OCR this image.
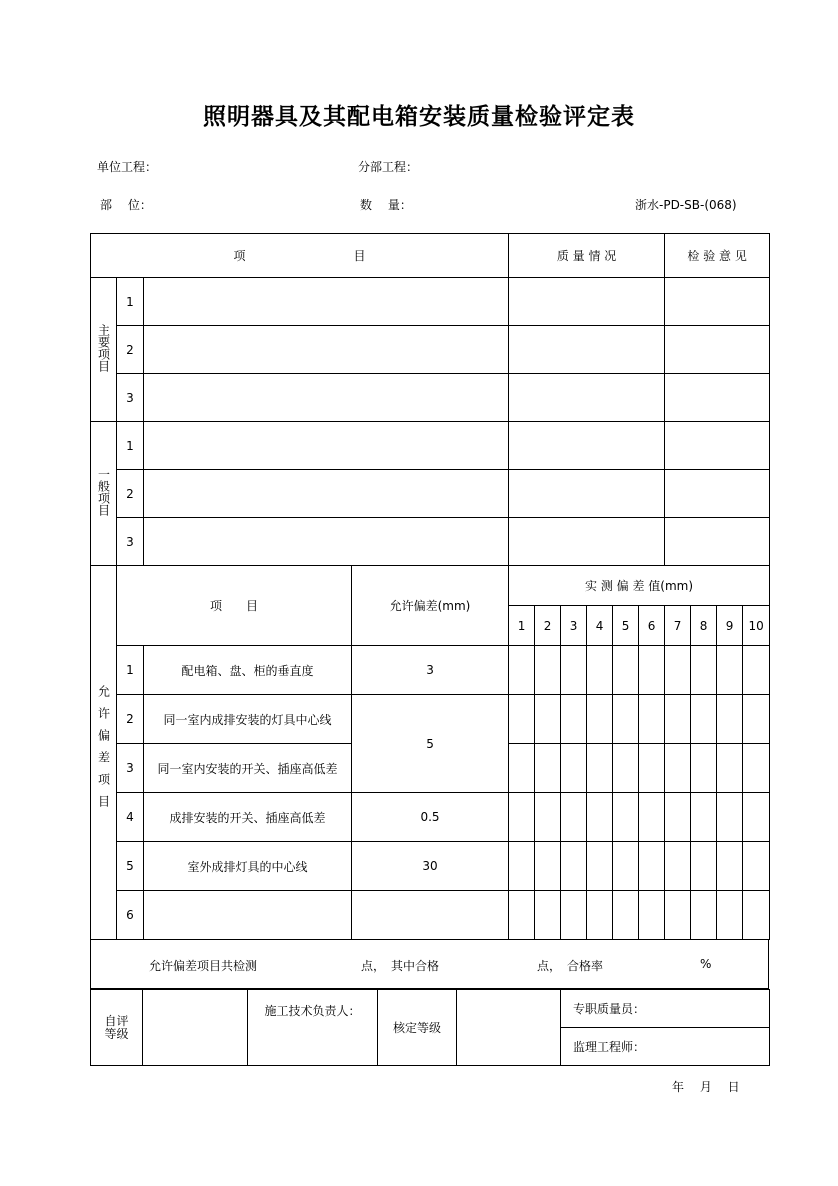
照明器具及其配电箱安装质量检验评定表
单位工程：	分部工程：
部　 位：	数　 量：	浙水-PD-SB-(068)
项　　　　　　　　　目				质 量 情 况						检 验 意 见			
主要项目	1												
	2												
	3												
一般项目	1												
	2												
	3												
允许偏差项目	项　　目		允许偏差(mm)	实 测 偏 差 值(mm)									
				1	2	3	4	5	6	7	8	9	10
	1	配电箱、盘、柜的垂直度	3										
	2	同一室内成排安装的灯具中心线	5										
	3	同一室内安装的开关、插座高低差											
	4	成排安装的开关、插座高低差	0.5										
	5	室外成排灯具的中心线	30										
	6												
允许偏差项目共检测	点，　其中合格	点，　合格率	%
自评等级
		施工技术负责人：	核定等级		专职质量员：
监理工程师：
年　 月　 日
